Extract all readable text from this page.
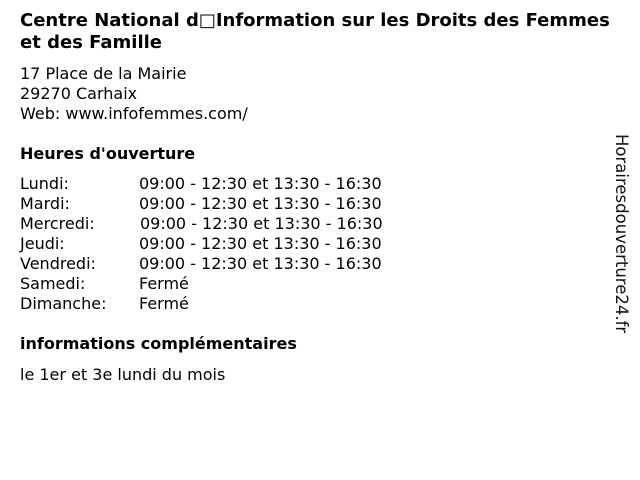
Centre National d□Information sur les Droits des Femmes et des Famille
17 Place de la Mairie
29270 Carhaix
Web: www.infofemmes.com/
Heures d'ouverture
Lundi:	09:00 - 12:30 et 13:30 - 16:30
Mardi:	09:00 - 12:30 et 13:30 - 16:30
Mercredi:	09:00 - 12:30 et 13:30 - 16:30
Jeudi:	09:00 - 12:30 et 13:30 - 16:30
Vendredi:	09:00 - 12:30 et 13:30 - 16:30
Samedi:	Fermé
Dimanche: Fermé
informations complémentaires
le 1er et 3e lundi du mois
Horairesdouverture24.fr
